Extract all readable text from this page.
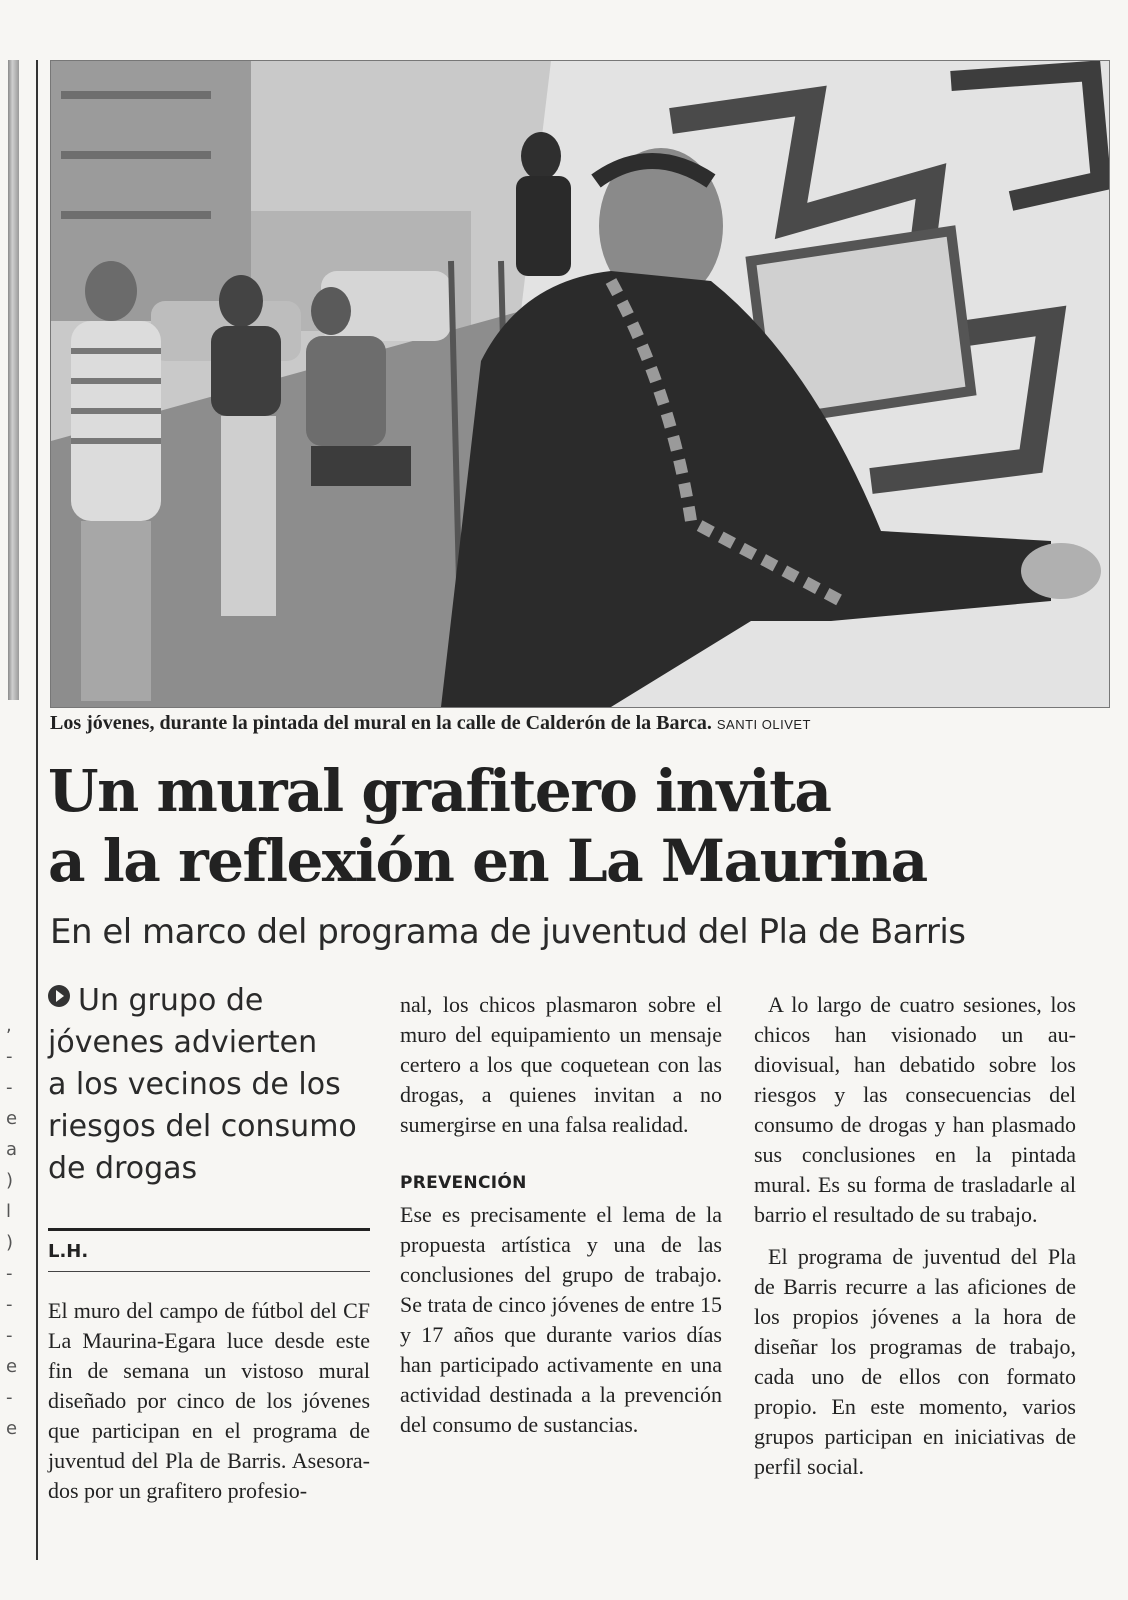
Los jóvenes, durante la pintada del mural en la calle de Calderón de la Barca. SANTI OLIVET
Un mural grafitero invita
a la reflexión en La Maurina
En el marco del programa de juventud del Pla de Barris
Un grupo de
jóvenes advierten
a los vecinos de los
riesgos del consumo
de drogas
L.H.

El muro del campo de fútbol del CF La Maurina-Egara luce desde este fin de semana un vistoso mural diseñado por cinco de los jóvenes que participan en el programa de juventud del Pla de Barris. Asesorados por un grafitero profesio-

nal, los chicos plasmaron sobre el muro del equipamiento un mensaje certero a los que coquetean con las drogas, a quienes invitan a no sumergirse en una falsa realidad.

PREVENCIÓN

Ese es precisamente el lema de la propuesta artística y una de las conclusiones del grupo de trabajo. Se trata de cinco jóvenes de entre 15 y 17 años que durante varios días han participado activamente en una actividad destinada a la prevención del consumo de sustancias.

A lo largo de cuatro sesiones, los chicos han visionado un audiovisual, han debatido sobre los riesgos y las consecuencias del consumo de drogas y han plasmado sus conclusiones en la pintada mural. Es su forma de trasladarle al barrio el resultado de su trabajo.

El programa de juventud del Pla de Barris recurre a las aficiones de los propios jóvenes a la hora de diseñar los programas de trabajo, cada uno de ellos con formato propio. En este momento, varios grupos participan en iniciativas de perfil social.

,
-
-
e
a
)
l
)
-
-
-
e
-
e
